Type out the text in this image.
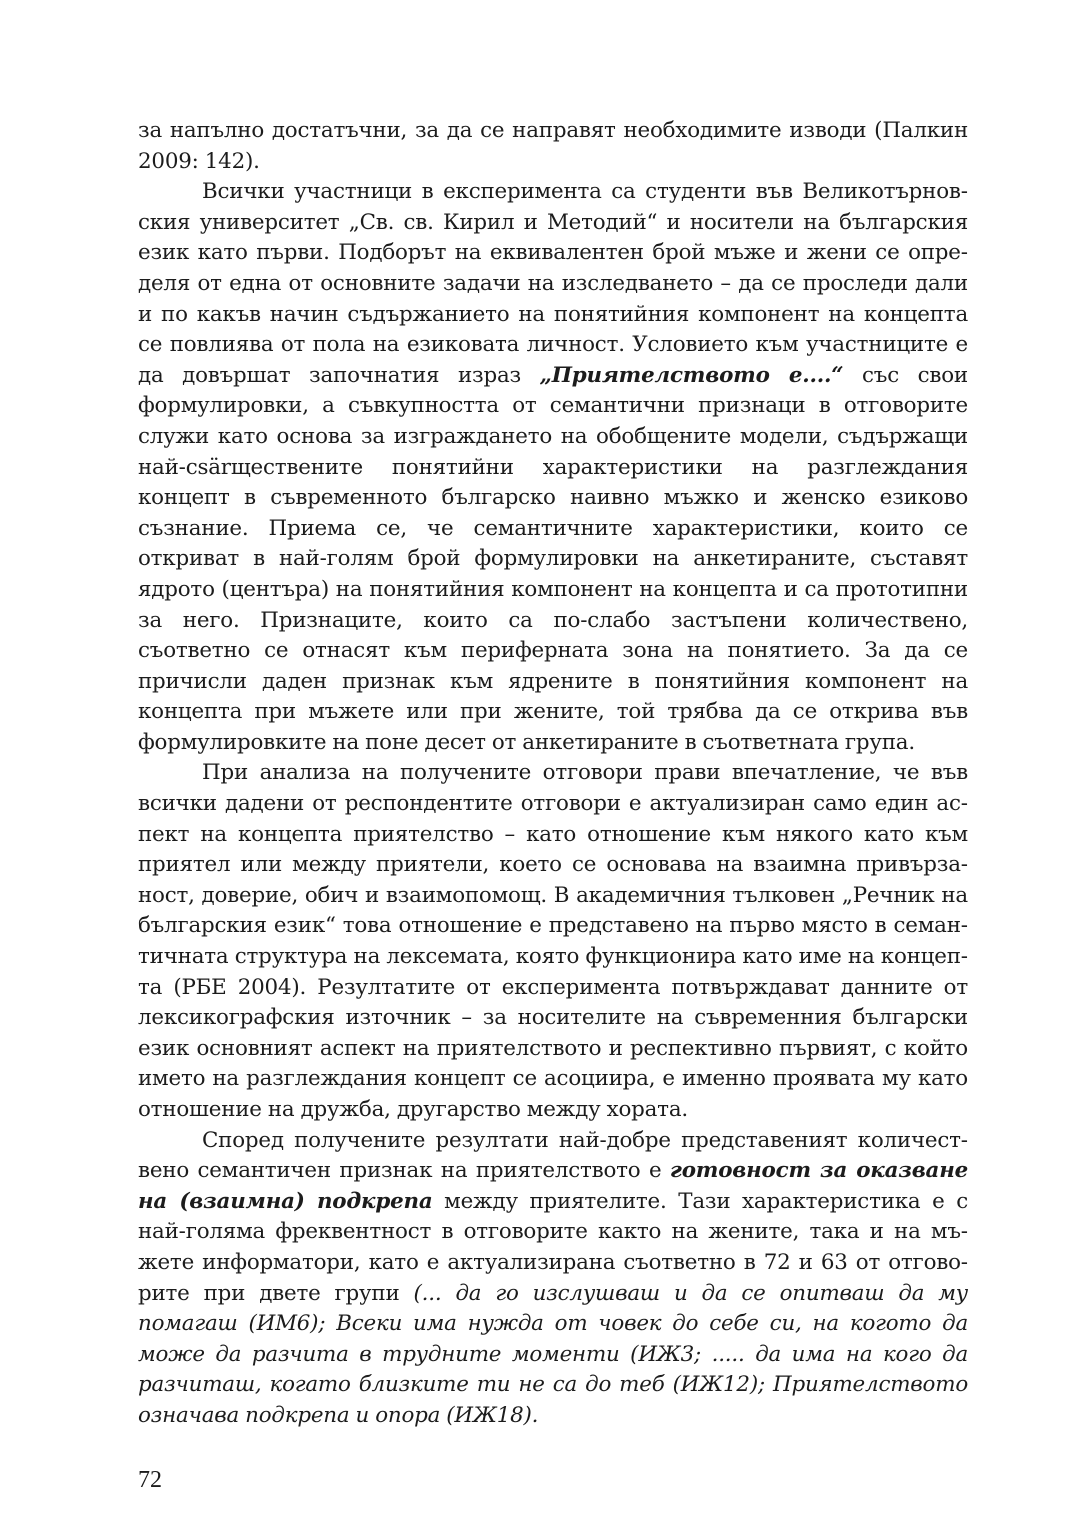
за напълно достатъчни, за да се направят необходимите изводи (Палкин 2009: 142).

Всички участници в експеримента са студенти във Великотърновския университет „Св. св. Кирил и Методий“ и носители на българския език като първи. Подборът на еквивалентен брой мъже и жени се определя от една от основните задачи на изследването – да се проследи дали и по какъв начин съдържанието на понятийния компонент на концепта се повлиява от пола на езиковата личност. Условието към участниците е да довършат започнатия израз „Приятелството е....“ със свои формулировки, а съвкупността от семантични признаци в отговорите служи като основа за изграждането на обобщените модели, съдържащи най-сsärществените понятийни характеристики на разглеждания концепт в съвременното българско наивно мъжко и женско езиково съзнание. Приема се, че семантичните характеристики, които се откриват в най-голям брой формулировки на анкетираните, съставят ядрото (центъра) на понятийния компонент на концепта и са прототипни за него. Признаците, които са по-слабо застъпени количествено, съответно се отнасят към периферната зона на понятието. За да се причисли даден признак към ядрените в понятийния компонент на концепта при мъжете или при жените, той трябва да се открива във формулировките на поне десет от анкетираните в съответната група.

При анализа на получените отговори прави впечатление, че във всички дадени от респондентите отговори е актуализиран само един аспект на концепта приятелство – като отношение към някого като към приятел или между приятели, което се основава на взаимна привързаност, доверие, обич и взаимопомощ. В академичния тълковен „Речник на българския език“ това отношение е представено на първо място в семантичната структура на лексемата, която функционира като име на концепта (РБЕ 2004). Резултатите от експеримента потвърждават данните от лексикографския източник – за носителите на съвременния български език основният аспект на приятелството и респективно първият, с който името на разглеждания концепт се асоциира, е именно проявата му като отношение на дружба, другарство между хората.

Според получените резултати най-добре представеният количествено семантичен признак на приятелството е готовност за оказване на (взаимна) подкрепа между приятелите. Тази характеристика е с най-голяма фреквентност в отговорите както на жените, така и на мъжете информатори, като е актуализирана съответно в 72 и 63 от отговорите при двете групи (... да го изслушваш и да се опитваш да му помагаш (ИМ6); Всеки има нужда от човек до себе си, на когото да може да разчита в трудните моменти (ИЖ3; ..... да има на кого да разчиташ, когато близките ти не са до теб (ИЖ12); Приятелството означава подкрепа и опора (ИЖ18).

72
